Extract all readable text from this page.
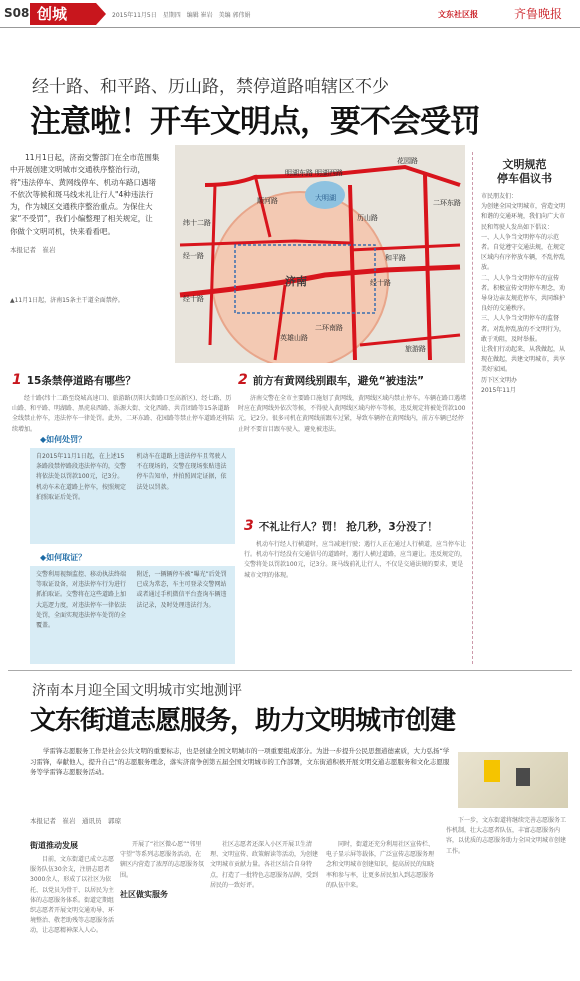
S08 创城	2015年11月5日　星期四　编辑 崔岩　美编 郭伟娟	文东社区报	齐鲁晚报
经十路、和平路、历山路，禁停道路咱辖区不少
注意啦！开车文明点，要不会受罚

11月1日起，济南交警部门在全市范围集中开展创建文明城市交通秩序整治行动，将"违法停车、黄网线停车、机动车路口遇堵不依次等候和斑马线未礼让行人"4种违法行为，作为城区交通秩序整治重点。为保住大家“不受罚”，我们小编整理了相关规定，让你做个文明司机，快来看看吧。

本报记者　崔岩

▲11月1日起，济南15条主干道全面禁停。
经一路
经十路
纬十二路
和平路
二环东路
历山路
英雄山路
明湖东路 明湖西路
花园路
顺河路
旅游路
经十路
二环南路
大明湖
济南
文明规范
停车倡议书
市民朋友们：
为创建全国文明城市，营造文明和谐的交通环境，我们向广大市民和驾驶人发出如下倡议：
一、人人争当文明停车的示范者。自觉遵守交通法规，在规定区域内有序停放车辆，不乱停乱放。
二、人人争当文明停车的宣传者。积极宣传文明停车理念，劝导身边亲友规范停车，共同维护良好的交通秩序。
三、人人争当文明停车的监督者。对乱停乱放的不文明行为，敢于劝阻，及时举报。
让我们行动起来，从我做起，从现在做起，共建文明城市，共享美好家园。
历下区文明办
2015年11月
1 15条禁停道路有哪些？

经十路(纬十二路至绕城高速口)、旅游路(历阳大街路口至高新区)、经七路、历山路、和平路、明湖路、黑虎泉西路、泺源大街、文化西路、共青团路等15条道路全线禁止停车，违法停车一律处罚。此外，二环东路、花园路等禁止停车道路还将陆续增加。

◆如何处罚？

自2015年11月1日起，在上述15条路段禁停路段违法停车的，交警将依法处以罚款100元，记3分。机动车未在道路上停车，按照规定拍照取证后处罚。

机动车在道路上违法停车且驾驶人不在现场的，交警在现场张贴违法停车告知单，并拍照固定证据，依法处以罚款。

◆如何取证？

交警利用视频监控、移动执法终端等取证设备，对违法停车行为进行抓拍取证。交警将在这些道路上加大巡逻力度，对违法停车一律依法处罚，全面实现违法停车处罚的全覆盖。

附近，一辆辆停车被“曝光”后处罚已成为常态，车主可登录交警网站或者通过手机微信平台查询车辆违法记录，及时处理违法行为。

2 前方有黄网线别跟车，避免“被违法”

济南交警在全市主要路口施划了黄网线，黄网线区域内禁止停车。车辆在路口遇堵时应在黄网线外依次等候，不得驶入黄网线区域内停车等候，违反规定将被处罚款100元，记2分。很多司机在黄网线前跟车过紧，导致车辆停在黄网线内，前方车辆已经停止时不要盲目跟车驶入，避免被违法。

3 不礼让行人？罚！ 抢几秒，3分没了！

机动车行经人行横道时，应当减速行驶；遇行人正在通过人行横道，应当停车让行。机动车行经没有交通信号的道路时，遇行人横过道路，应当避让。违反规定的，交警将处以罚款100元，记3分。斑马线前礼让行人，不仅是交通法规的要求，更是城市文明的体现。

济南本月迎全国文明城市实地测评
文东街道志愿服务，助力文明城市创建
学雷锋志愿服务工作是社会公共文明的重要标志，也是创建全国文明城市的一项重要组成部分。为进一步提升公民思想道德素质，大力弘扬“学习雷锋，奉献他人，提升自己”的志愿服务理念，落实济南争创第五届全国文明城市的工作部署，文东街道积极开展文明交通志愿服务和文化志愿服务等学雷锋志愿服务活动。
本报记者　崔岩　通讯员　郭琼
街道推动发展

目前，文东街道已成立志愿服务队伍30余支，注册志愿者3000余人，形成了以社区为依托、以党员为骨干、以居民为主体的志愿服务体系。街道定期组织志愿者开展文明交通劝导、环境整治、敬老助残等志愿服务活动，让志愿精神深入人心。

开展了“社区微心愿”“邻里守望”等系列志愿服务活动，在辖区内营造了浓厚的志愿服务氛围。

社区做实服务

社区志愿者还深入小区开展卫生清理、文明宣传、政策解读等活动，为创建文明城市贡献力量。各社区结合自身特点，打造了一批特色志愿服务品牌，受到居民的一致好评。

同时，街道还充分利用社区宣传栏、电子显示屏等载体，广泛宣传志愿服务理念和文明城市创建知识，提高居民的知晓率和参与率，让更多居民加入到志愿服务的队伍中来。

下一步，文东街道将继续完善志愿服务工作机制，壮大志愿者队伍，丰富志愿服务内容，以优质的志愿服务助力全国文明城市创建工作。
